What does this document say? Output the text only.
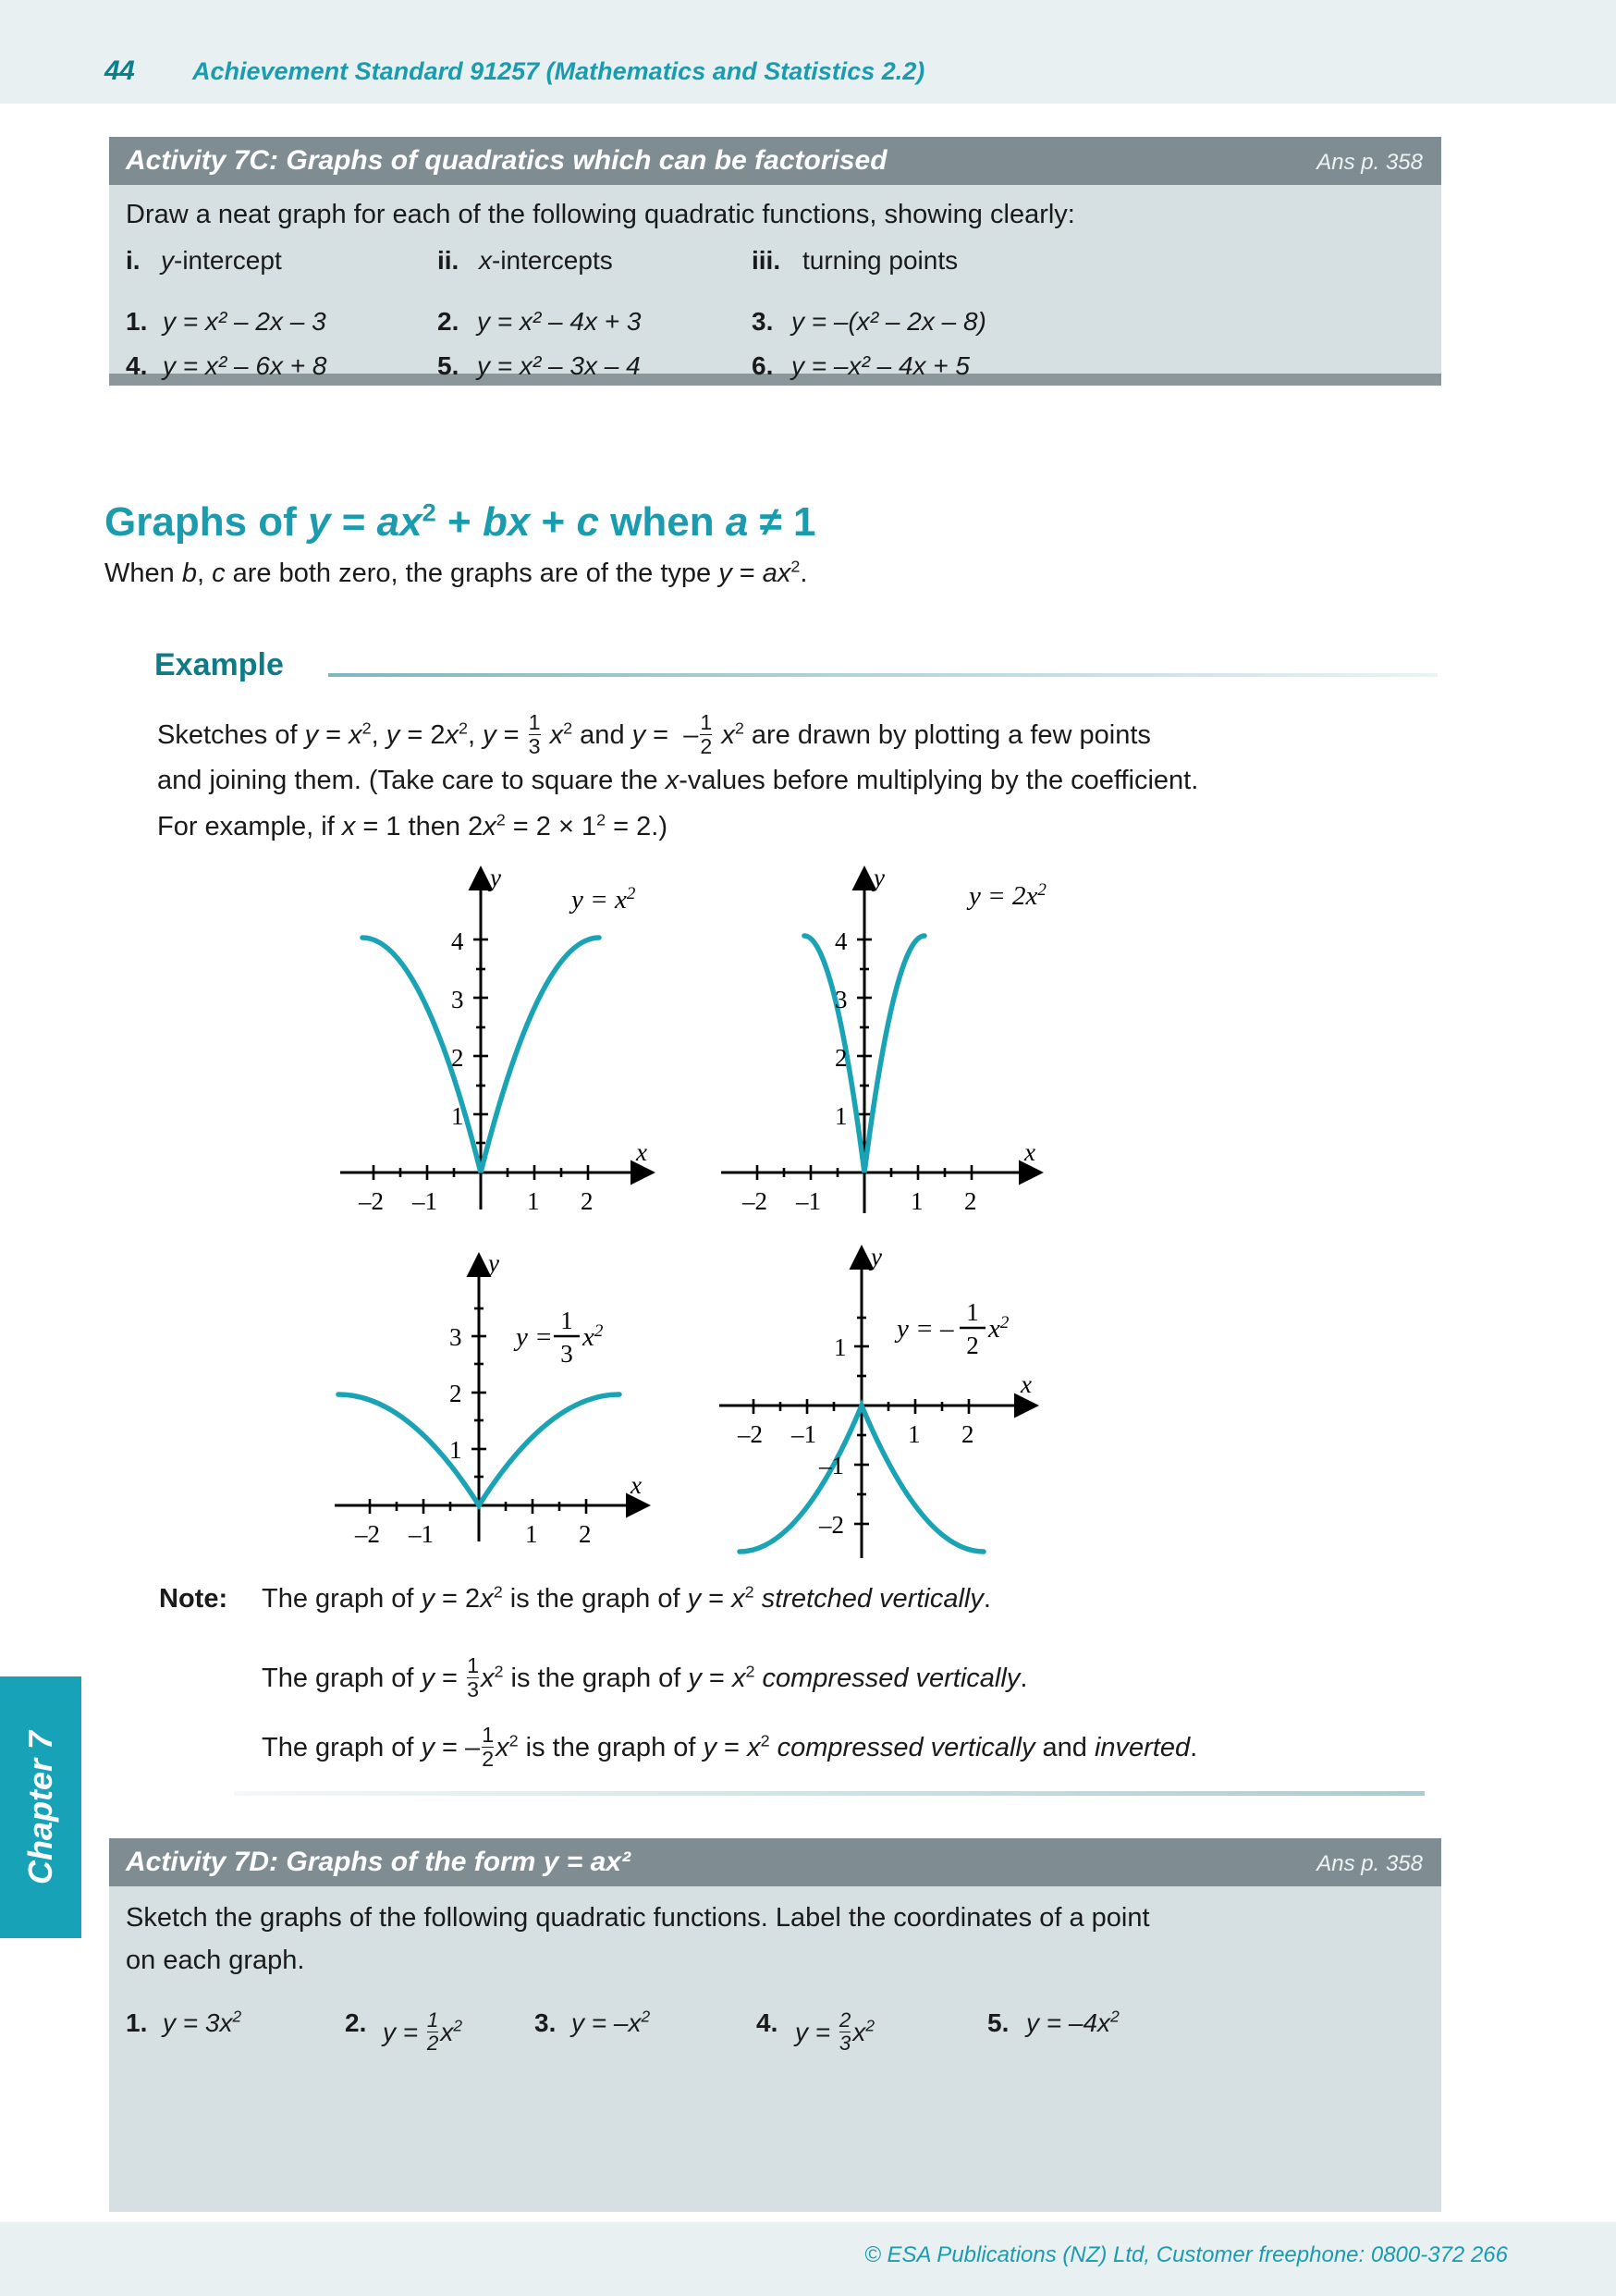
44 Achievement Standard 91257 (Mathematics and Statistics 2.2)
Activity 7C: Graphs of quadratics which can be factorised	Ans p. 358
Draw a neat graph for each of the following quadratic functions, showing clearly:
i. y-intercept	ii. x-intercepts	iii. turning points
1. y = x² – 2x – 3	2. y = x² – 4x + 3	3. y = –(x² – 2x – 8)
4. y = x² – 6x + 8	5. y = x² – 3x – 4	6. y = –x² – 4x + 5
Graphs of $y = ax^2$ + bx + c when a ≠ 1
When b, c are both zero, the graphs are of the type $y = ax^2$.
Example
Sketches of $y = x^2$, $y = 2x^2$, $y = \frac{1}{3} x^2$ and y =  – $\frac{1}{2} x^2$ are drawn by plotting a few points
and joining them. (Take care to square the x-values before multiplying by the coefficient.
For example, if x = 1 then $2x^2 = 2 \times 1^2 = 2$.)
–2 –1	1 2
1
2
3
4
y
x
$y = x^2$
–2 –1	1 2
1
2
3
4
y
x
$y = 2x^2$
–2 –1	1 2
1
2
3
y
x
y =
1
3
$x^2$
–2 –1	1 2
1
–1
–2
y
x
y = –
1
2
$x^2$
Note: The graph of $y = 2x^2$ is the graph of $y = x^2$ stretched vertically.
The graph of $y = \frac{1}{3} x^2$ is the graph of $y = x^2$ compressed vertically.
The graph of y = – $\frac{1}{2} x^2$ is the graph of $y = x^2$ compressed vertically and inverted.
Activity 7D: Graphs of the form y = ax²	Ans p. 358
Sketch the graphs of the following quadratic functions. Label the coordinates of a point
on each graph.
1. $y = 3x^2$	2. $y = \frac{1}{2} x^2$	3. $y = -x^2$	4. $y = \frac{2}{3} x^2$	5. $y = -4x^2$
Chapter 7
© ESA Publications (NZ) Ltd, Customer freephone: 0800-372 266
